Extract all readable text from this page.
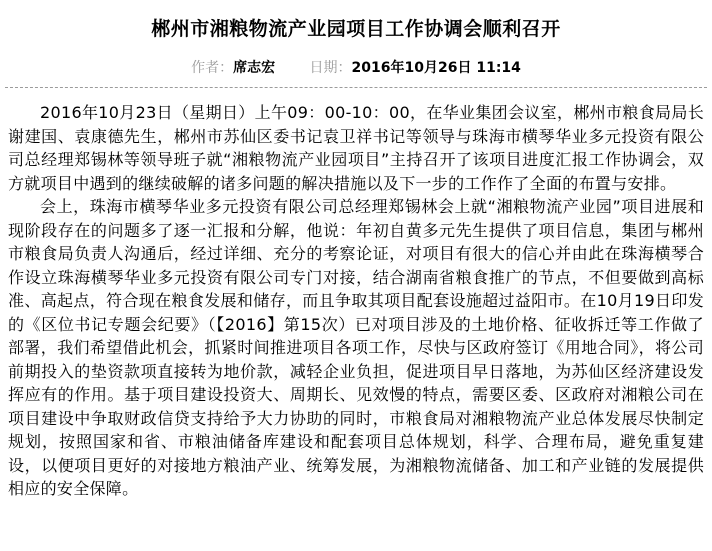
郴州市湘粮物流产业园项目工作协调会顺利召开
作者：席志宏 日期：2016年10月26日 11:14

2016年10月23日（星期日）上午09：00-10：00，在华业集团会议室，郴州市粮食局局长谢建国、袁康德先生，郴州市苏仙区委书记袁卫祥书记等领导与珠海市横琴华业多元投资有限公司总经理郑锡林等领导班子就“湘粮物流产业园项目”主持召开了该项目进度汇报工作协调会，双方就项目中遇到的继续破解的诸多问题的解决措施以及下一步的工作作了全面的布置与安排。

会上，珠海市横琴华业多元投资有限公司总经理郑锡林会上就“湘粮物流产业园”项目进展和现阶段存在的问题多了逐一汇报和分解，他说：年初自黄多元先生提供了项目信息，集团与郴州市粮食局负责人沟通后，经过详细、充分的考察论证，对项目有很大的信心并由此在珠海横琴合作设立珠海横琴华业多元投资有限公司专门对接，结合湖南省粮食推广的节点，不但要做到高标准、高起点，符合现在粮食发展和储存，而且争取其项目配套设施超过益阳市。在10月19日印发的《区位书记专题会纪要》（【2016】第15次）已对项目涉及的土地价格、征收拆迁等工作做了部署，我们希望借此机会，抓紧时间推进项目各项工作，尽快与区政府签订《用地合同》，将公司前期投入的垫资款项直接转为地价款，减轻企业负担，促进项目早日落地，为苏仙区经济建设发挥应有的作用。基于项目建设投资大、周期长、见效慢的特点，需要区委、区政府对湘粮公司在项目建设中争取财政信贷支持给予大力协助的同时，市粮食局对湘粮物流产业总体发展尽快制定规划，按照国家和省、市粮油储备库建设和配套项目总体规划，科学、合理布局，避免重复建设，以便项目更好的对接地方粮油产业、统筹发展，为湘粮物流储备、加工和产业链的发展提供相应的安全保障。
